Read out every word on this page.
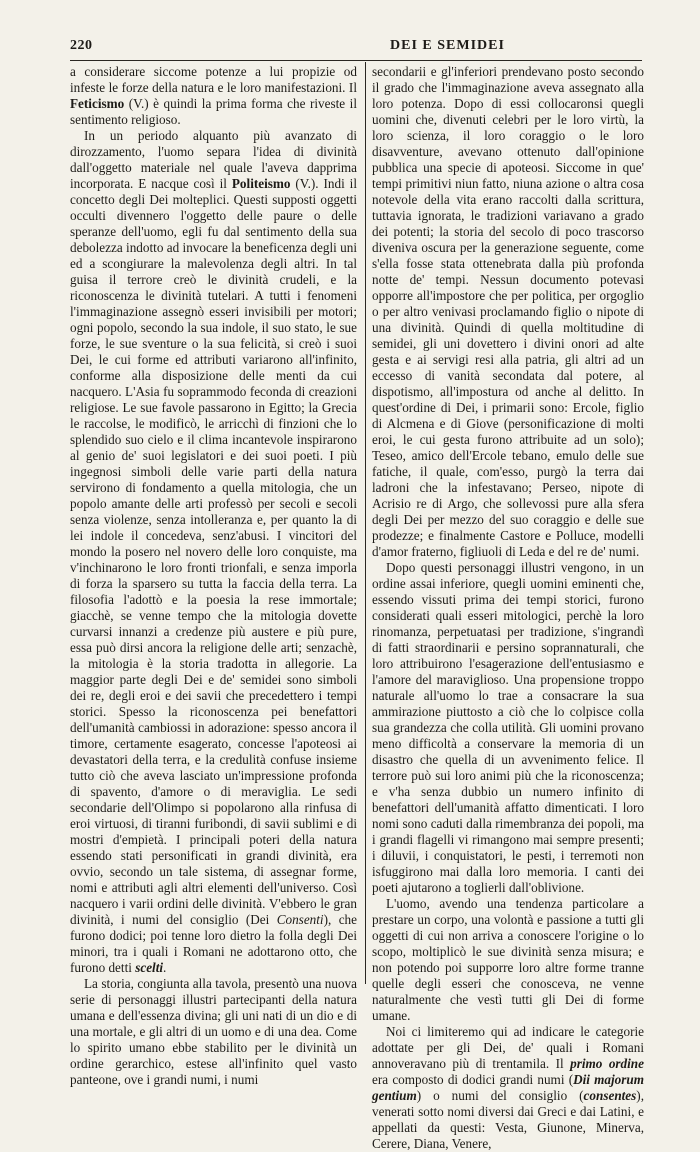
220	DEI E SEMIDEI

a considerare siccome potenze a lui propizie od infeste le forze della natura e le loro manifestazioni. Il Feticismo (V.) è quindi la prima forma che riveste il sentimento religioso.

In un periodo alquanto più avanzato di dirozzamento, l'uomo separa l'idea di divinità dall'oggetto materiale nel quale l'aveva dapprima incorporata. E nacque così il Politeismo (V.). Indi il concetto degli Dei molteplici. Questi supposti oggetti occulti divennero l'oggetto delle paure o delle speranze dell'uomo, egli fu dal sentimento della sua debolezza indotto ad invocare la beneficenza degli uni ed a scongiurare la malevolenza degli altri. In tal guisa il terrore creò le divinità crudeli, e la riconoscenza le divinità tutelari. A tutti i fenomeni l'immaginazione assegnò esseri invisibili per motori; ogni popolo, secondo la sua indole, il suo stato, le sue forze, le sue sventure o la sua felicità, si creò i suoi Dei, le cui forme ed attributi variarono all'infinito, conforme alla disposizione delle menti da cui nacquero. L'Asia fu soprammodo feconda di creazioni religiose. Le sue favole passarono in Egitto; la Grecia le raccolse, le modificò, le arricchì di finzioni che lo splendido suo cielo e il clima incantevole inspirarono al genio de' suoi legislatori e dei suoi poeti. I più ingegnosi simboli delle varie parti della natura servirono di fondamento a quella mitologia, che un popolo amante delle arti professò per secoli e secoli senza violenze, senza intolleranza e, per quanto la di lei indole il concedeva, senz'abusi. I vincitori del mondo la posero nel novero delle loro conquiste, ma v'inchinarono le loro fronti trionfali, e senza imporla di forza la sparsero su tutta la faccia della terra. La filosofia l'adottò e la poesia la rese immortale; giacchè, se venne tempo che la mitologia dovette curvarsi innanzi a credenze più austere e più pure, essa può dirsi ancora la religione delle arti; senzachè, la mitologia è la storia tradotta in allegorie. La maggior parte degli Dei e de' semidei sono simboli dei re, degli eroi e dei savii che precedettero i tempi storici. Spesso la riconoscenza pei benefattori dell'umanità cambiossi in adorazione: spesso ancora il timore, certamente esagerato, concesse l'apoteosi ai devastatori della terra, e la credulità confuse insieme tutto ciò che aveva lasciato un'impressione profonda di spavento, d'amore o di meraviglia. Le sedi secondarie dell'Olimpo si popolarono alla rinfusa di eroi virtuosi, di tiranni furibondi, di savii sublimi e di mostri d'empietà. I principali poteri della natura essendo stati personificati in grandi divinità, era ovvio, secondo un tale sistema, di assegnar forme, nomi e attributi agli altri elementi dell'universo. Così nacquero i varii ordini delle divinità. V'ebbero le gran divinità, i numi del consiglio (Dei Consenti), che furono dodici; poi tenne loro dietro la folla degli Dei minori, tra i quali i Romani ne adottarono otto, che furono detti scelti.

La storia, congiunta alla tavola, presentò una nuova serie di personaggi illustri partecipanti della natura umana e dell'essenza divina; gli uni nati di un dio e di una mortale, e gli altri di un uomo e di una dea. Come lo spirito umano ebbe stabilito per le divinità un ordine gerarchico, estese all'infinito quel vasto panteone, ove i grandi numi, i numi

secondarii e gl'inferiori prendevano posto secondo il grado che l'immaginazione aveva assegnato alla loro potenza. Dopo di essi collocaronsi quegli uomini che, divenuti celebri per le loro virtù, la loro scienza, il loro coraggio o le loro disavventure, avevano ottenuto dall'opinione pubblica una specie di apoteosi. Siccome in que' tempi primitivi niun fatto, niuna azione o altra cosa notevole della vita erano raccolti dalla scrittura, tuttavia ignorata, le tradizioni variavano a grado dei potenti; la storia del secolo di poco trascorso diveniva oscura per la generazione seguente, come s'ella fosse stata ottenebrata dalla più profonda notte de' tempi. Nessun documento potevasi opporre all'impostore che per politica, per orgoglio o per altro venivasi proclamando figlio o nipote di una divinità. Quindi di quella moltitudine di semidei, gli uni dovettero i divini onori ad alte gesta e ai servigi resi alla patria, gli altri ad un eccesso di vanità secondata dal potere, al dispotismo, all'impostura od anche al delitto. In quest'ordine di Dei, i primarii sono: Ercole, figlio di Alcmena e di Giove (personificazione di molti eroi, le cui gesta furono attribuite ad un solo); Teseo, amico dell'Ercole tebano, emulo delle sue fatiche, il quale, com'esso, purgò la terra dai ladroni che la infestavano; Perseo, nipote di Acrisio re di Argo, che sollevossi pure alla sfera degli Dei per mezzo del suo coraggio e delle sue prodezze; e finalmente Castore e Polluce, modelli d'amor fraterno, figliuoli di Leda e del re de' numi.

Dopo questi personaggi illustri vengono, in un ordine assai inferiore, quegli uomini eminenti che, essendo vissuti prima dei tempi storici, furono considerati quali esseri mitologici, perchè la loro rinomanza, perpetuatasi per tradizione, s'ingrandì di fatti straordinarii e persino soprannaturali, che loro attribuirono l'esagerazione dell'entusiasmo e l'amore del maraviglioso. Una propensione troppo naturale all'uomo lo trae a consacrare la sua ammirazione piuttosto a ciò che lo colpisce colla sua grandezza che colla utilità. Gli uomini provano meno difficoltà a conservare la memoria di un disastro che quella di un avvenimento felice. Il terrore può sui loro animi più che la riconoscenza; e v'ha senza dubbio un numero infinito di benefattori dell'umanità affatto dimenticati. I loro nomi sono caduti dalla rimembranza dei popoli, ma i grandi flagelli vi rimangono mai sempre presenti; i diluvii, i conquistatori, le pesti, i terremoti non isfuggirono mai dalla loro memoria. I canti dei poeti ajutarono a toglierli dall'oblivione.

L'uomo, avendo una tendenza particolare a prestare un corpo, una volontà e passione a tutti gli oggetti di cui non arriva a conoscere l'origine o lo scopo, moltiplicò le sue divinità senza misura; e non potendo poi supporre loro altre forme tranne quelle degli esseri che conosceva, ne venne naturalmente che vestì tutti gli Dei di forme umane.

Noi ci limiteremo qui ad indicare le categorie adottate per gli Dei, de' quali i Romani annoveravano più di trentamila. Il primo ordine era composto di dodici grandi numi (Dii majorum gentium) o numi del consiglio (consentes), venerati sotto nomi diversi dai Greci e dai Latini, e appellati da questi: Vesta, Giunone, Minerva, Cerere, Diana, Venere,
